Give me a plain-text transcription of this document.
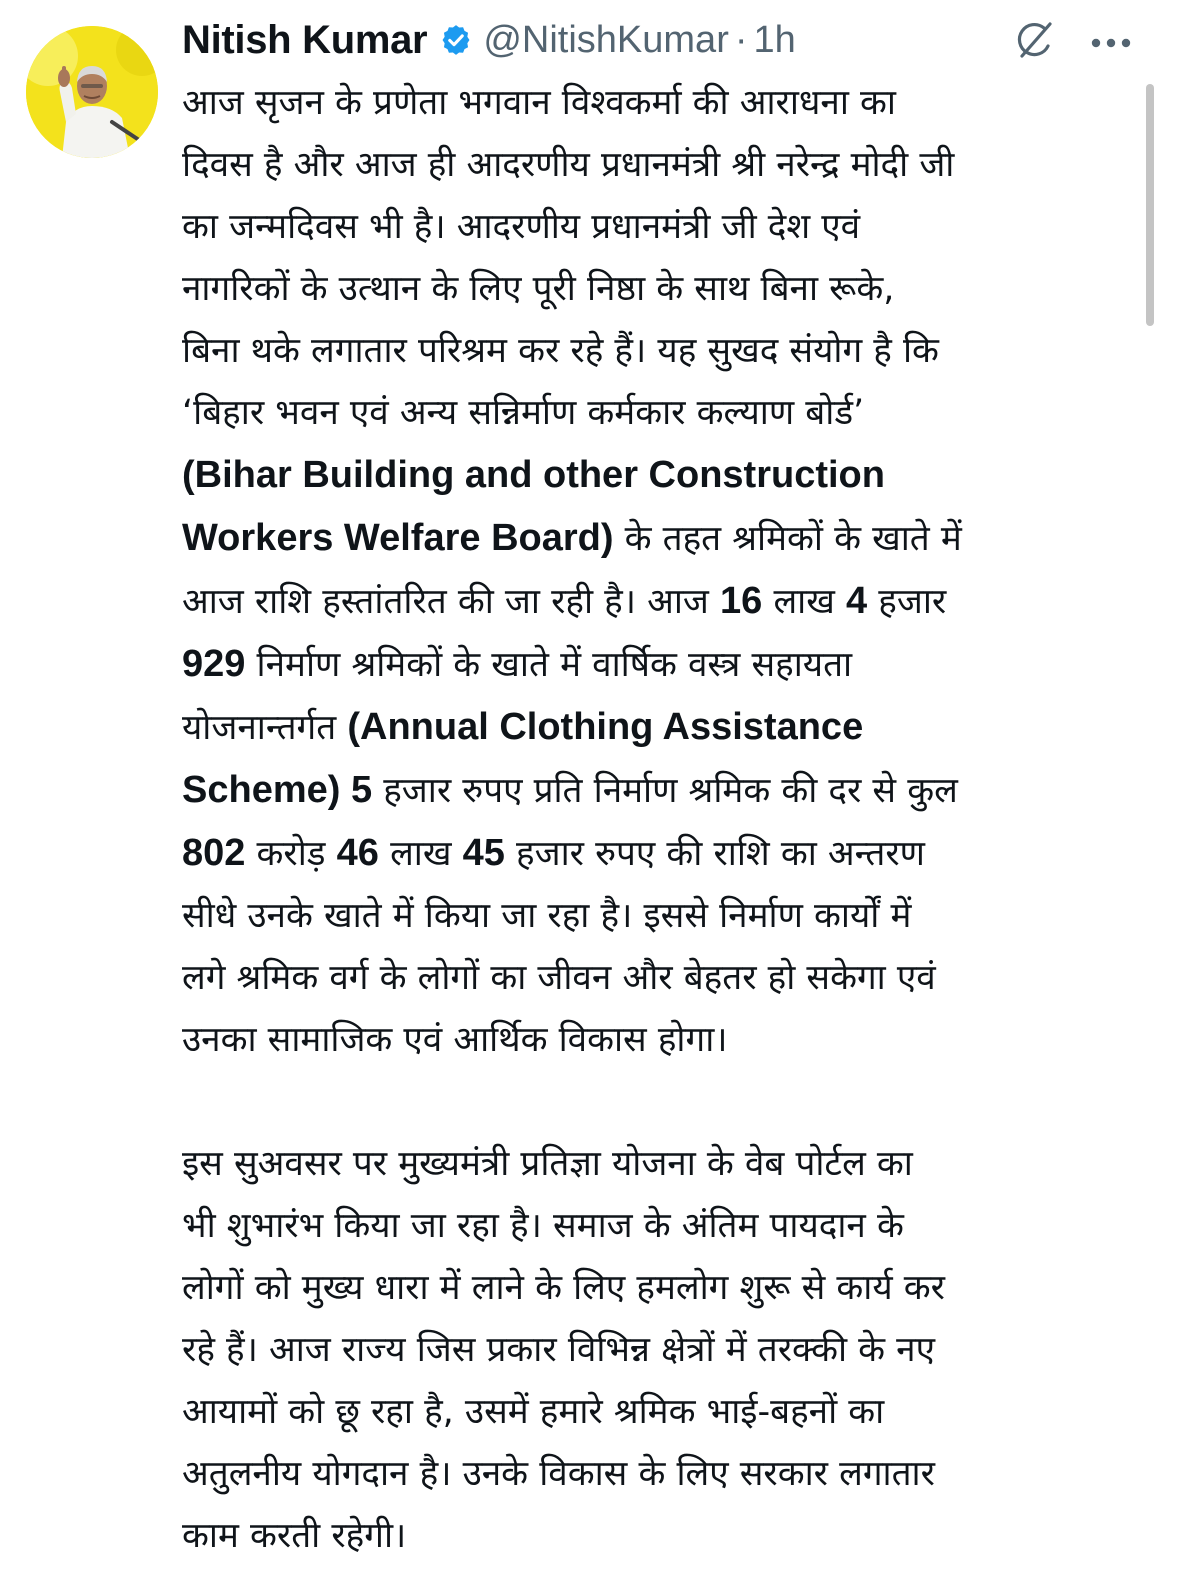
Nitish Kumar @NitishKumar · 1h

आज सृजन के प्रणेता भगवान विश्वकर्मा की आराधना का
दिवस है और आज ही आदरणीय प्रधानमंत्री श्री नरेन्द्र मोदी जी
का जन्मदिवस भी है। आदरणीय प्रधानमंत्री जी देश एवं
नागरिकों के उत्थान के लिए पूरी निष्ठा के साथ बिना रूके,
बिना थके लगातार परिश्रम कर रहे हैं। यह सुखद संयोग है कि
‘बिहार भवन एवं अन्य सन्निर्माण कर्मकार कल्याण बोर्ड’
(Bihar Building and other Construction
Workers Welfare Board) के तहत श्रमिकों के खाते में
आज राशि हस्तांतरित की जा रही है। आज 16 लाख 4 हजार
929 निर्माण श्रमिकों के खाते में वार्षिक वस्त्र सहायता
योजनान्तर्गत (Annual Clothing Assistance
Scheme) 5 हजार रुपए प्रति निर्माण श्रमिक की दर से कुल
802 करोड़ 46 लाख 45 हजार रुपए की राशि का अन्तरण
सीधे उनके खाते में किया जा रहा है। इससे निर्माण कार्यों में
लगे श्रमिक वर्ग के लोगों का जीवन और बेहतर हो सकेगा एवं
उनका सामाजिक एवं आर्थिक विकास होगा।

इस सुअवसर पर मुख्यमंत्री प्रतिज्ञा योजना के वेब पोर्टल का
भी शुभारंभ किया जा रहा है। समाज के अंतिम पायदान के
लोगों को मुख्य धारा में लाने के लिए हमलोग शुरू से कार्य कर
रहे हैं। आज राज्य जिस प्रकार विभिन्न क्षेत्रों में तरक्की के नए
आयामों को छू रहा है, उसमें हमारे श्रमिक भाई-बहनों का
अतुलनीय योगदान है। उनके विकास के लिए सरकार लगातार
काम करती रहेगी।
